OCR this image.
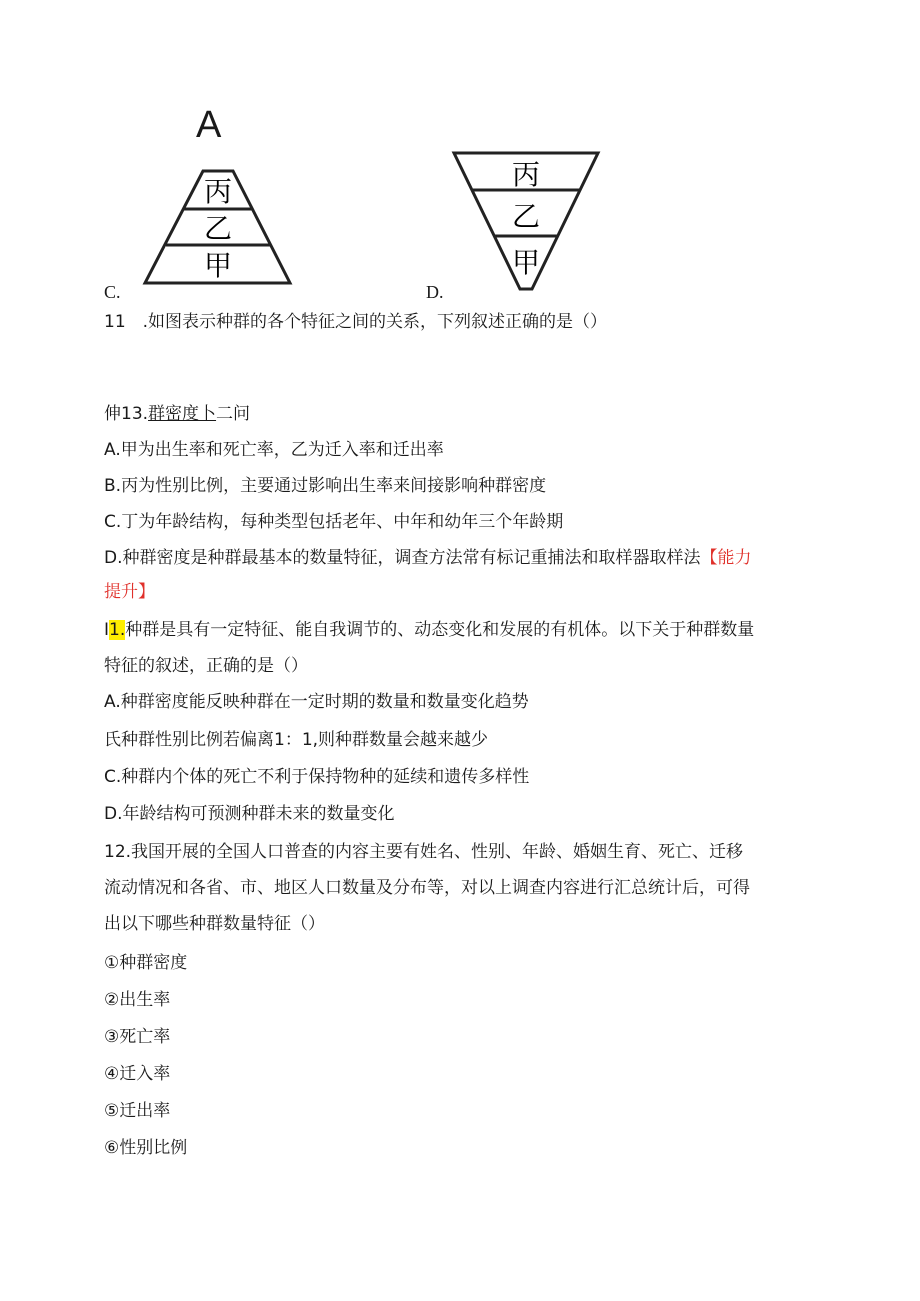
A
丙
乙
甲
C.
丙
乙
甲
D.
11　.如图表示种群的各个特征之间的关系，下列叙述正确的是（）
伸13.群密度卜二问
A.甲为出生率和死亡率，乙为迁入率和迁出率
B.丙为性别比例，主要通过影响出生率来间接影响种群密度
C.丁为年龄结构，每种类型包括老年、中年和幼年三个年龄期
D.种群密度是种群最基本的数量特征，调查方法常有标记重捕法和取样器取样法【能力
提升】
I1.种群是具有一定特征、能自我调节的、动态变化和发展的有机体。以下关于种群数量
特征的叙述，正确的是（）
A.种群密度能反映种群在一定时期的数量和数量变化趋势
氏种群性别比例若偏离1：1,则种群数量会越来越少
C.种群内个体的死亡不利于保持物种的延续和遗传多样性
D.年龄结构可预测种群未来的数量变化
12.我国开展的全国人口普查的内容主要有姓名、性别、年龄、婚姻生育、死亡、迁移
流动情况和各省、市、地区人口数量及分布等，对以上调查内容进行汇总统计后，可得
出以下哪些种群数量特征（）
①种群密度
②出生率
③死亡率
④迁入率
⑤迁出率
⑥性别比例
